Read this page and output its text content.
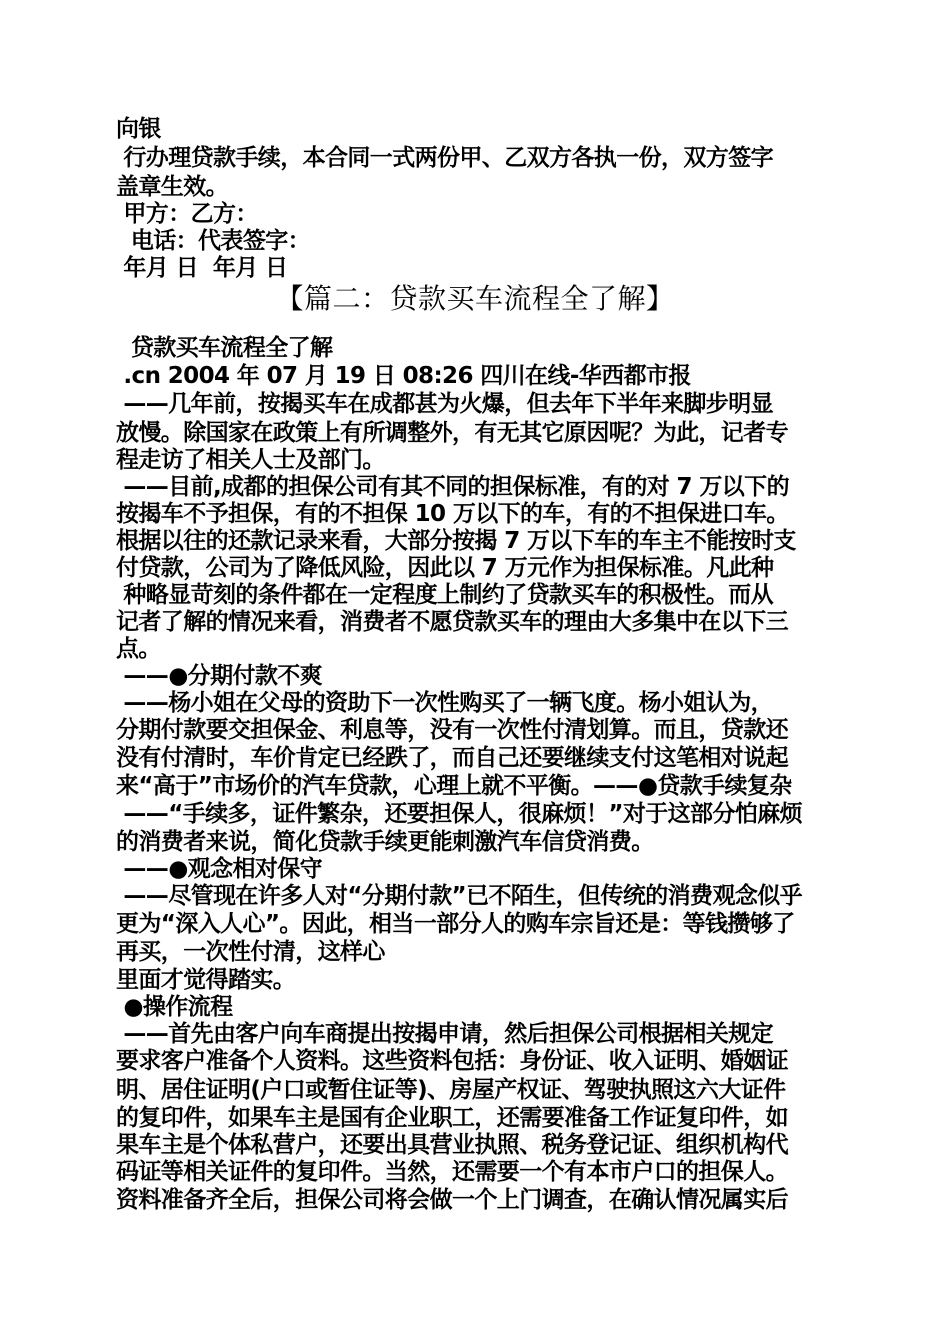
向银

行办理贷款手续，本合同一式两份甲、乙双方各执一份，双方签字

盖章生效。

甲方：乙方：

电话：代表签字：

年月 日  年月 日

【篇二：贷款买车流程全了解】

贷款买车流程全了解

.cn 2004 年 07 月 19 日 08:26 四川在线-华西都市报

——几年前，按揭买车在成都甚为火爆，但去年下半年来脚步明显

放慢。除国家在政策上有所调整外，有无其它原因呢？为此，记者专

程走访了相关人士及部门。

——目前,成都的担保公司有其不同的担保标准，有的对 7 万以下的

按揭车不予担保，有的不担保 10 万以下的车，有的不担保进口车。

根据以往的还款记录来看，大部分按揭 7 万以下车的车主不能按时支

付贷款，公司为了降低风险，因此以 7 万元作为担保标准。凡此种

种略显苛刻的条件都在一定程度上制约了贷款买车的积极性。而从

记者了解的情况来看，消费者不愿贷款买车的理由大多集中在以下三

点。

——●分期付款不爽

——杨小姐在父母的资助下一次性购买了一辆飞度。杨小姐认为，

分期付款要交担保金、利息等，没有一次性付清划算。而且，贷款还

没有付清时，车价肯定已经跌了，而自己还要继续支付这笔相对说起

来“高于”市场价的汽车贷款，心理上就不平衡。——●贷款手续复杂

——“手续多，证件繁杂，还要担保人，很麻烦！”对于这部分怕麻烦

的消费者来说，简化贷款手续更能刺激汽车信贷消费。

——●观念相对保守

——尽管现在许多人对“分期付款”已不陌生，但传统的消费观念似乎

更为“深入人心”。因此，相当一部分人的购车宗旨还是：等钱攒够了

再买，一次性付清，这样心

里面才觉得踏实。

●操作流程

——首先由客户向车商提出按揭申请，然后担保公司根据相关规定

要求客户准备个人资料。这些资料包括：身份证、收入证明、婚姻证

明、居住证明(户口或暂住证等)、房屋产权证、驾驶执照这六大证件

的复印件，如果车主是国有企业职工，还需要准备工作证复印件，如

果车主是个体私营户，还要出具营业执照、税务登记证、组织机构代

码证等相关证件的复印件。当然，还需要一个有本市户口的担保人。

资料准备齐全后，担保公司将会做一个上门调查，在确认情况属实后
